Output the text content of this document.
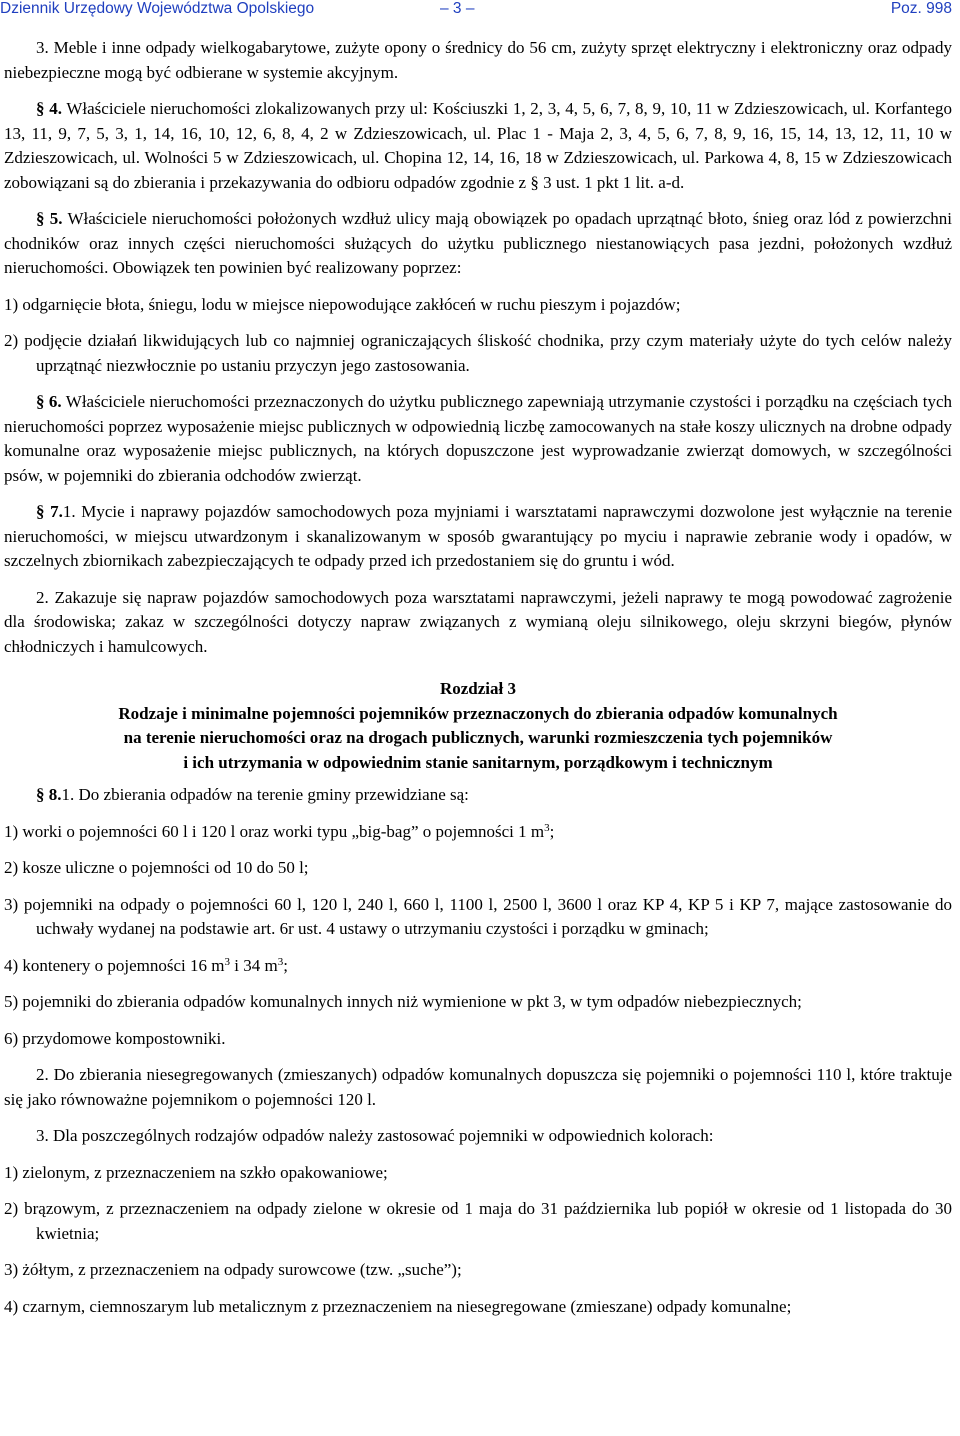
Dziennik Urzędowy Województwa Opolskiego	– 3 –	Poz. 998

3. Meble i inne odpady wielkogabarytowe, zużyte opony o średnicy do 56 cm, zużyty sprzęt elektryczny i elektroniczny oraz odpady niebezpieczne mogą być odbierane w systemie akcyjnym.

§ 4. Właściciele nieruchomości zlokalizowanych przy ul: Kościuszki 1, 2, 3, 4, 5, 6, 7, 8, 9, 10, 11 w Zdzieszowicach, ul. Korfantego 13, 11, 9, 7, 5, 3, 1, 14, 16, 10, 12, 6, 8, 4, 2 w Zdzieszowicach, ul. Plac 1 - Maja 2, 3, 4, 5, 6, 7, 8, 9, 16, 15, 14, 13, 12, 11, 10 w Zdzieszowicach, ul. Wolności 5 w Zdzieszowicach, ul. Chopina 12, 14, 16, 18 w Zdzieszowicach, ul. Parkowa 4, 8, 15 w Zdzieszowicach zobowiązani są do zbierania i przekazywania do odbioru odpadów zgodnie z § 3 ust. 1 pkt 1 lit. a-d.

§ 5. Właściciele nieruchomości położonych wzdłuż ulicy mają obowiązek po opadach uprzątnąć błoto, śnieg oraz lód z powierzchni chodników oraz innych części nieruchomości służących do użytku publicznego niestanowiących pasa jezdni, położonych wzdłuż nieruchomości. Obowiązek ten powinien być realizowany poprzez:

1) odgarnięcie błota, śniegu, lodu w miejsce niepowodujące zakłóceń w ruchu pieszym i pojazdów;

2) podjęcie działań likwidujących lub co najmniej ograniczających śliskość chodnika, przy czym materiały użyte do tych celów należy uprzątnąć niezwłocznie po ustaniu przyczyn jego zastosowania.

§ 6. Właściciele nieruchomości przeznaczonych do użytku publicznego zapewniają utrzymanie czystości i porządku na częściach tych nieruchomości poprzez wyposażenie miejsc publicznych w odpowiednią liczbę zamocowanych na stałe koszy ulicznych na drobne odpady komunalne oraz wyposażenie miejsc publicznych, na których dopuszczone jest wyprowadzanie zwierząt domowych, w szczególności psów, w pojemniki do zbierania odchodów zwierząt.

§ 7.1. Mycie i naprawy pojazdów samochodowych poza myjniami i warsztatami naprawczymi dozwolone jest wyłącznie na terenie nieruchomości, w miejscu utwardzonym i skanalizowanym w sposób gwarantujący po myciu i naprawie zebranie wody i opadów, w szczelnych zbiornikach zabezpieczających te odpady przed ich przedostaniem się do gruntu i wód.

2. Zakazuje się napraw pojazdów samochodowych poza warsztatami naprawczymi, jeżeli naprawy te mogą powodować zagrożenie dla środowiska; zakaz w szczególności dotyczy napraw związanych z wymianą oleju silnikowego, oleju skrzyni biegów, płynów chłodniczych i hamulcowych.

Rozdział 3
Rodzaje i minimalne pojemności pojemników przeznaczonych do zbierania odpadów komunalnych
na terenie nieruchomości oraz na drogach publicznych, warunki rozmieszczenia tych pojemników
i ich utrzymania w odpowiednim stanie sanitarnym, porządkowym i technicznym

§ 8.1. Do zbierania odpadów na terenie gminy przewidziane są:

1) worki o pojemności 60 l i 120 l oraz worki typu „big-bag” o pojemności 1 $m^3$;

2) kosze uliczne o pojemności od 10 do 50 l;

3) pojemniki na odpady o pojemności 60 l, 120 l, 240 l, 660 l, 1100 l, 2500 l, 3600 l oraz KP 4, KP 5 i KP 7, mające zastosowanie do uchwały wydanej na podstawie art. 6r ust. 4 ustawy o utrzymaniu czystości i porządku w gminach;

4) kontenery o pojemności 16 $m^3$ i 34 $m^3$;

5) pojemniki do zbierania odpadów komunalnych innych niż wymienione w pkt 3, w tym odpadów niebezpiecznych;

6) przydomowe kompostowniki.

2. Do zbierania niesegregowanych (zmieszanych) odpadów komunalnych dopuszcza się pojemniki o pojemności 110 l, które traktuje się jako równoważne pojemnikom o pojemności 120 l.

3. Dla poszczególnych rodzajów odpadów należy zastosować pojemniki w odpowiednich kolorach:

1) zielonym, z przeznaczeniem na szkło opakowaniowe;

2) brązowym, z przeznaczeniem na odpady zielone w okresie od 1 maja do 31 października lub popiół w okresie od 1 listopada do 30 kwietnia;

3) żółtym, z przeznaczeniem na odpady surowcowe (tzw. „suche”);

4) czarnym, ciemnoszarym lub metalicznym z przeznaczeniem na niesegregowane (zmieszane) odpady komunalne;
